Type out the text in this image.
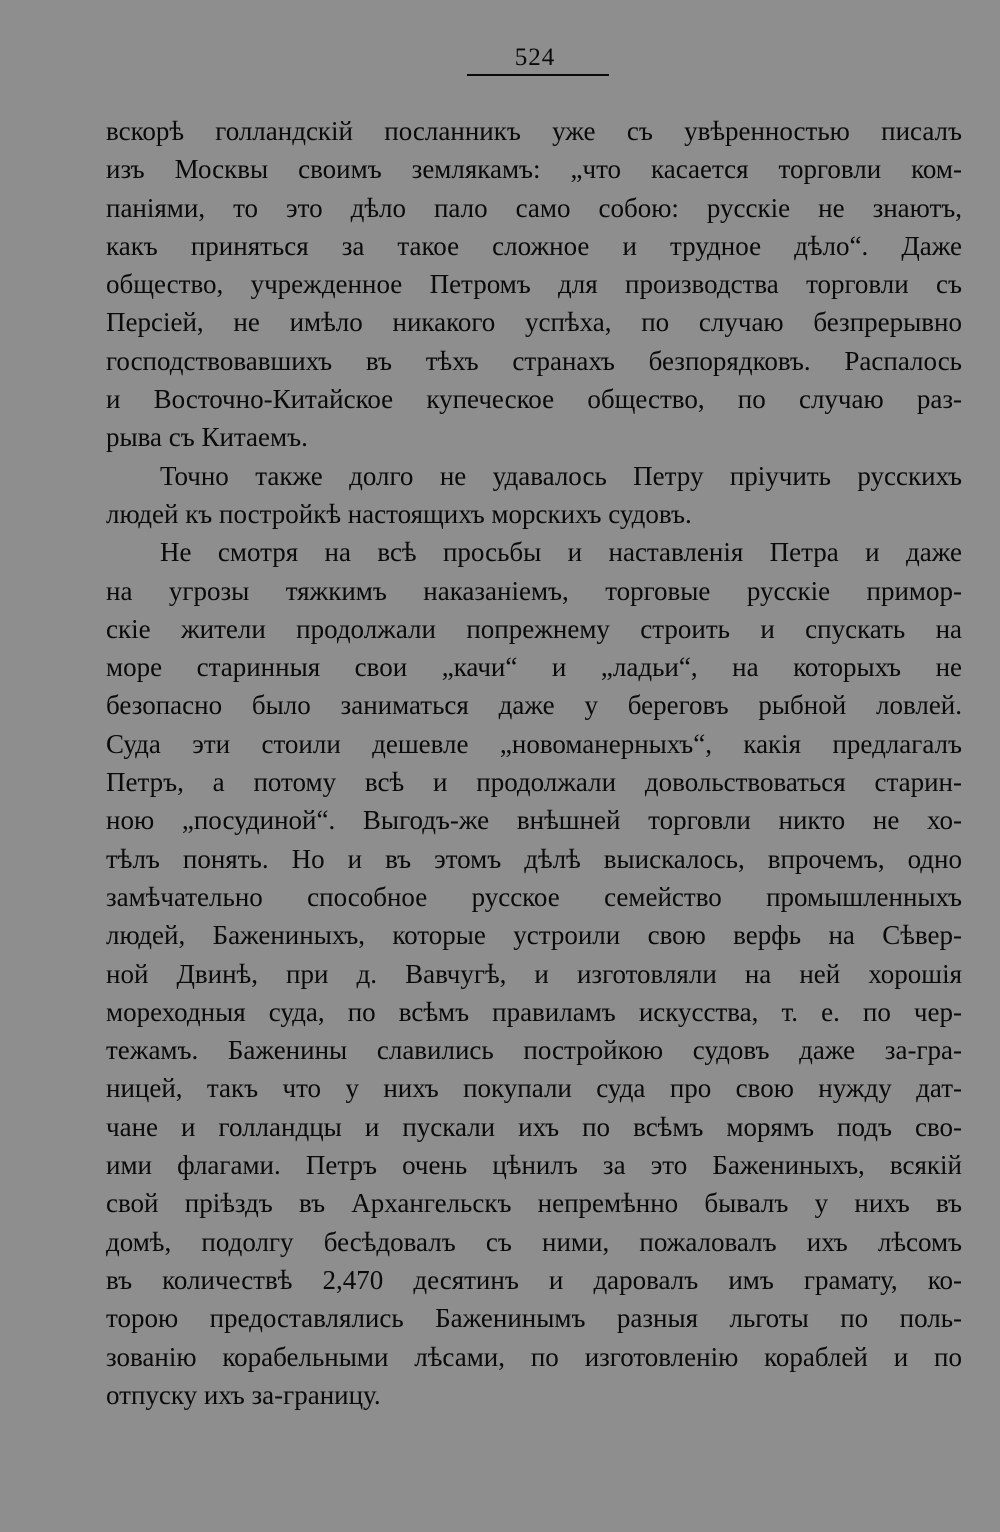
524
вскорѣ голландскій посланникъ уже съ увѣренностью писалъ
изъ Москвы своимъ землякамъ: „что касается торговли ком-
паніями, то это дѣло пало само собою: русскіе не знаютъ,
какъ приняться за такое сложное и трудное дѣло“. Даже
общество, учрежденное Петромъ для производства торговли съ
Персіей, не имѣло никакого успѣха, по случаю безпрерывно
господствовавшихъ въ тѣхъ странахъ безпорядковъ. Распалось
и Восточно-Китайское купеческое общество, по случаю раз-
рыва съ Китаемъ.
Точно также долго не удавалось Петру пріучить русскихъ
людей къ постройкѣ настоящихъ морскихъ судовъ.
Не смотря на всѣ просьбы и наставленія Петра и даже
на угрозы тяжкимъ наказаніемъ, торговые русскіе примор-
скіе жители продолжали попрежнему строить и спускать на
море старинныя свои „качи“ и „ладьи“, на которыхъ не
безопасно было заниматься даже у береговъ рыбной ловлей.
Суда эти стоили дешевле „новоманерныхъ“, какія предлагалъ
Петръ, а потому всѣ и продолжали довольствоваться старин-
ною „посудиной“. Выгодъ-же внѣшней торговли никто не хо-
тѣлъ понять. Но и въ этомъ дѣлѣ выискалось, впрочемъ, одно
замѣчательно способное русское семейство промышленныхъ
людей, Бажениныхъ, которые устроили свою верфь на Сѣвер-
ной Двинѣ, при д. Вавчугѣ, и изготовляли на ней хорошія
мореходныя суда, по всѣмъ правиламъ искусства, т. е. по чер-
тежамъ. Баженины славились постройкою судовъ даже за-гра-
ницей, такъ что у нихъ покупали суда про свою нужду дат-
чане и голландцы и пускали ихъ по всѣмъ морямъ подъ сво-
ими флагами. Петръ очень цѣнилъ за это Бажениныхъ, всякій
свой пріѣздъ въ Архангельскъ непремѣнно бывалъ у нихъ въ
домѣ, подолгу бесѣдовалъ съ ними, пожаловалъ ихъ лѣсомъ
въ количествѣ 2,470 десятинъ и даровалъ имъ грамату, ко-
торою предоставлялись Баженинымъ разныя льготы по поль-
зованію корабельными лѣсами, по изготовленію кораблей и по
отпуску ихъ за-границу.
